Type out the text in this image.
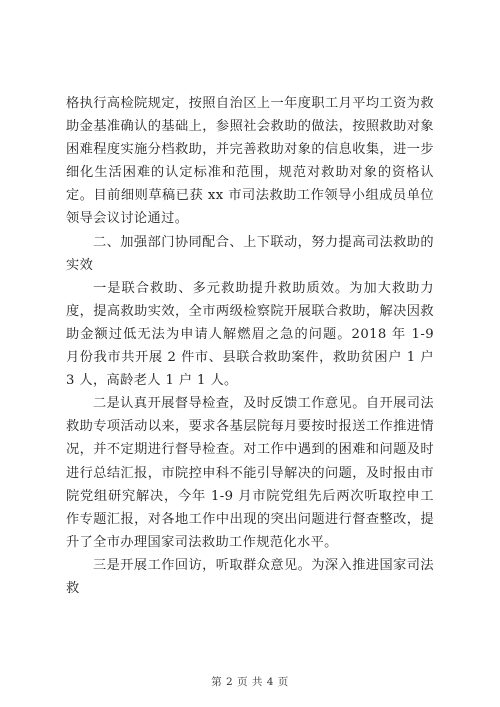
格执行高检院规定，按照自治区上一年度职工月平均工资为救助金基准确认的基础上，参照社会救助的做法，按照救助对象困难程度实施分档救助，并完善救助对象的信息收集，进一步细化生活困难的认定标准和范围，规范对救助对象的资格认定。目前细则草稿已获 xx 市司法救助工作领导小组成员单位领导会议讨论通过。

二、加强部门协同配合、上下联动，努力提高司法救助的实效

一是联合救助、多元救助提升救助质效。为加大救助力度，提高救助实效，全市两级检察院开展联合救助，解决因救助金额过低无法为申请人解燃眉之急的问题。2018 年 1-9 月份我市共开展 2 件市、县联合救助案件，救助贫困户 1 户 3 人，高龄老人 1 户 1 人。

二是认真开展督导检查，及时反馈工作意见。自开展司法救助专项活动以来，要求各基层院每月要按时报送工作推进情况，并不定期进行督导检查。对工作中遇到的困难和问题及时进行总结汇报，市院控申科不能引导解决的问题，及时报由市院党组研究解决，今年 1-9 月市院党组先后两次听取控申工作专题汇报，对各地工作中出现的突出问题进行督查整改，提升了全市办理国家司法救助工作规范化水平。

三是开展工作回访，听取群众意见。为深入推进国家司法救

第 2 页 共 4 页
